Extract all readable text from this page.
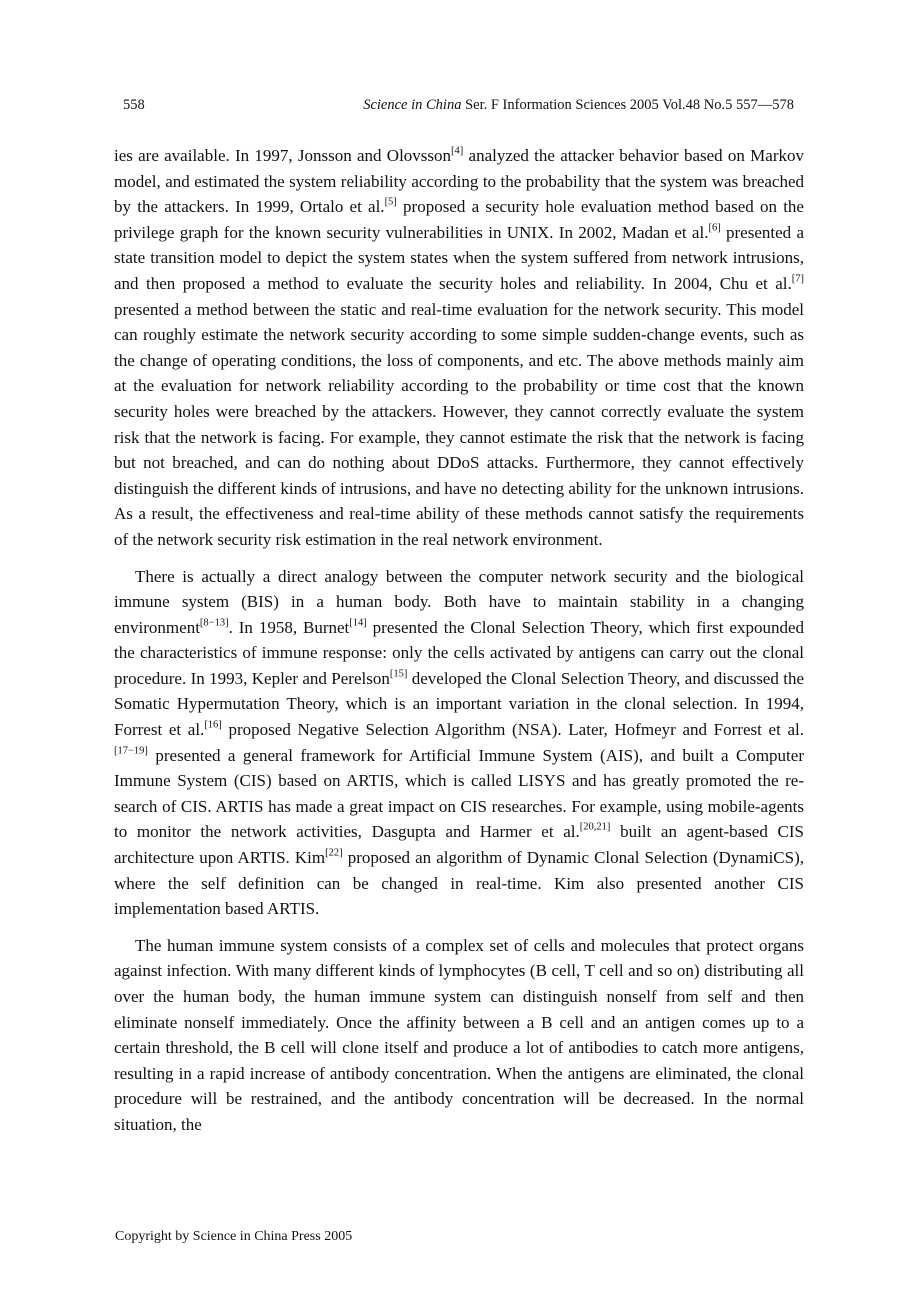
558	Science in China Ser. F Information Sciences 2005 Vol.48 No.5 557—578

ies are available. In 1997, Jonsson and Olovsson[4] analyzed the attacker behavior based on Markov model, and estimated the system reliability according to the probability that the system was breached by the attackers. In 1999, Ortalo et al.[5] proposed a security hole evaluation method based on the privilege graph for the known security vulnerabilities in UNIX. In 2002, Madan et al.[6] presented a state transition model to depict the system states when the system suffered from network intrusions, and then proposed a method to evaluate the security holes and reliability. In 2004, Chu et al.[7] presented a method between the static and real-time evaluation for the network security. This model can roughly estimate the network security according to some simple sudden-change events, such as the change of operating conditions, the loss of components, and etc. The above methods mainly aim at the evaluation for network reliability according to the probability or time cost that the known security holes were breached by the attackers. However, they cannot correctly evaluate the system risk that the network is facing. For example, they cannot estimate the risk that the network is facing but not breached, and can do nothing about DDoS attacks. Furthermore, they cannot effectively distinguish the different kinds of intrusions, and have no detecting ability for the unknown intrusions. As a result, the effectiveness and real-time ability of these methods cannot satisfy the requirements of the network security risk estimation in the real network environment.

There is actually a direct analogy between the computer network security and the biological immune system (BIS) in a human body. Both have to maintain stability in a changing environment[8−13]. In 1958, Burnet[14] presented the Clonal Selection Theory, which first expounded the characteristics of immune response: only the cells activated by antigens can carry out the clonal procedure. In 1993, Kepler and Perelson[15] developed the Clonal Selection Theory, and discussed the Somatic Hypermutation Theory, which is an important variation in the clonal selection. In 1994, Forrest et al.[16] proposed Negative Selection Algorithm (NSA). Later, Hofmeyr and Forrest et al.[17−19] presented a general framework for Artificial Immune System (AIS), and built a Computer Immune System (CIS) based on ARTIS, which is called LISYS and has greatly promoted the research of CIS. ARTIS has made a great impact on CIS researches. For example, using mobile-agents to monitor the network activities, Dasgupta and Harmer et al.[20,21] built an agent-based CIS architecture upon ARTIS. Kim[22] proposed an algorithm of Dynamic Clonal Selection (DynamiCS), where the self definition can be changed in real-time. Kim also presented another CIS implementation based ARTIS.

The human immune system consists of a complex set of cells and molecules that protect organs against infection. With many different kinds of lymphocytes (B cell, T cell and so on) distributing all over the human body, the human immune system can distinguish nonself from self and then eliminate nonself immediately. Once the affinity between a B cell and an antigen comes up to a certain threshold, the B cell will clone itself and produce a lot of antibodies to catch more antigens, resulting in a rapid increase of antibody concentration. When the antigens are eliminated, the clonal procedure will be restrained, and the antibody concentration will be decreased. In the normal situation, the

Copyright by Science in China Press 2005
